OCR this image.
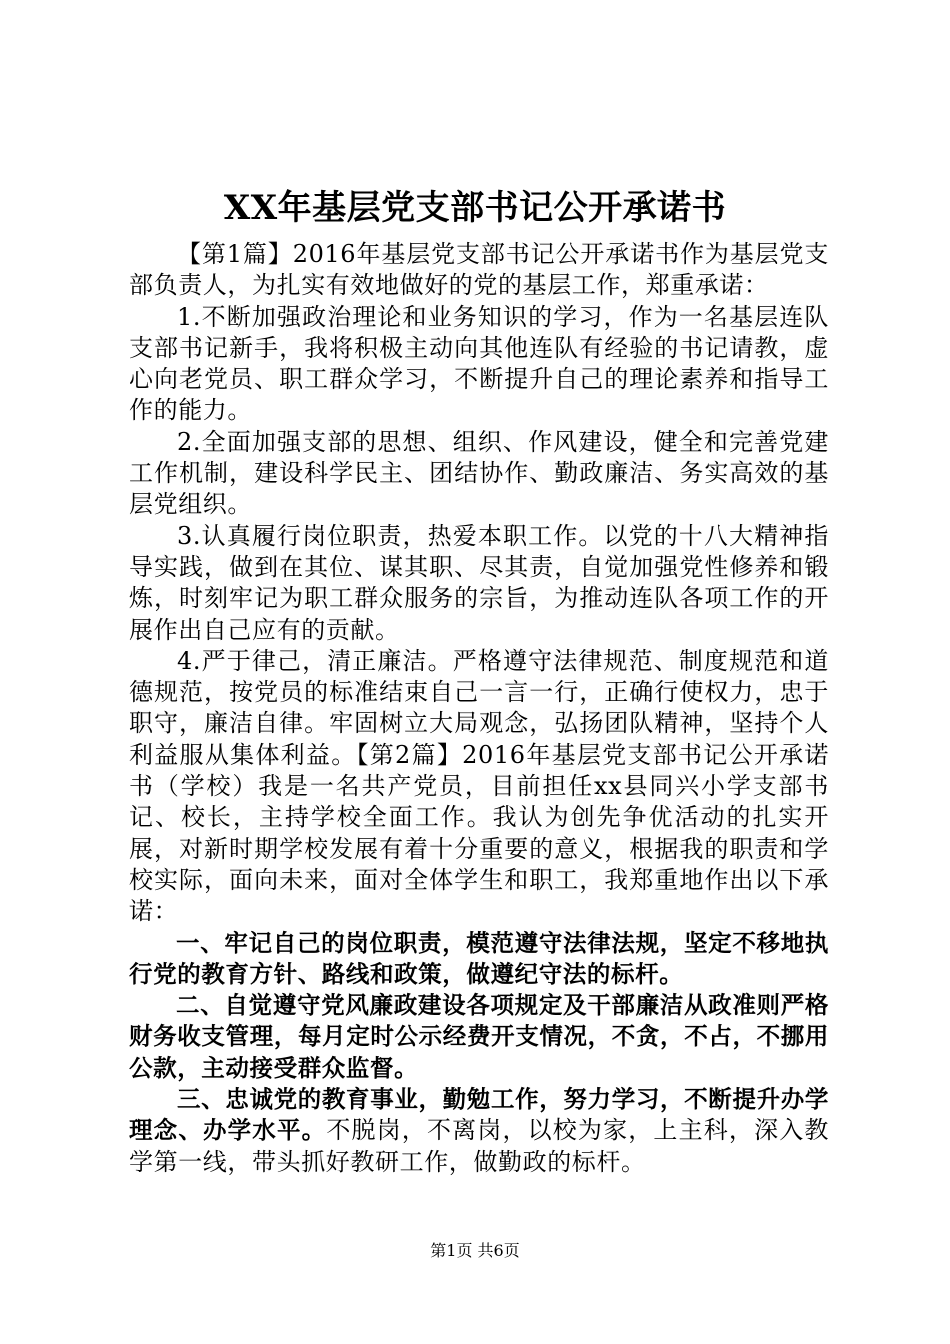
XX年基层党支部书记公开承诺书

【第1篇】2016年基层党支部书记公开承诺书作为基层党支部负责人，为扎实有效地做好的党的基层工作，郑重承诺：

1.不断加强政治理论和业务知识的学习，作为一名基层连队支部书记新手，我将积极主动向其他连队有经验的书记请教，虚心向老党员、职工群众学习，不断提升自己的理论素养和指导工作的能力。

2.全面加强支部的思想、组织、作风建设，健全和完善党建工作机制，建设科学民主、团结协作、勤政廉洁、务实高效的基层党组织。

3.认真履行岗位职责，热爱本职工作。以党的十八大精神指导实践，做到在其位、谋其职、尽其责，自觉加强党性修养和锻炼，时刻牢记为职工群众服务的宗旨，为推动连队各项工作的开展作出自己应有的贡献。

4.严于律己，清正廉洁。严格遵守法律规范、制度规范和道德规范，按党员的标准结束自己一言一行，正确行使权力，忠于职守，廉洁自律。牢固树立大局观念，弘扬团队精神，坚持个人利益服从集体利益。【第2篇】2016年基层党支部书记公开承诺书（学校）我是一名共产党员，目前担任xx县同兴小学支部书记、校长，主持学校全面工作。我认为创先争优活动的扎实开展，对新时期学校发展有着十分重要的意义，根据我的职责和学校实际，面向未来，面对全体学生和职工，我郑重地作出以下承诺：

一、牢记自己的岗位职责，模范遵守法律法规，坚定不移地执行党的教育方针、路线和政策，做遵纪守法的标杆。

二、自觉遵守党风廉政建设各项规定及干部廉洁从政准则严格财务收支管理，每月定时公示经费开支情况，不贪，不占，不挪用公款，主动接受群众监督。

三、忠诚党的教育事业，勤勉工作，努力学习，不断提升办学理念、办学水平。不脱岗，不离岗，以校为家，上主科，深入教学第一线，带头抓好教研工作，做勤政的标杆。

第1页 共6页
